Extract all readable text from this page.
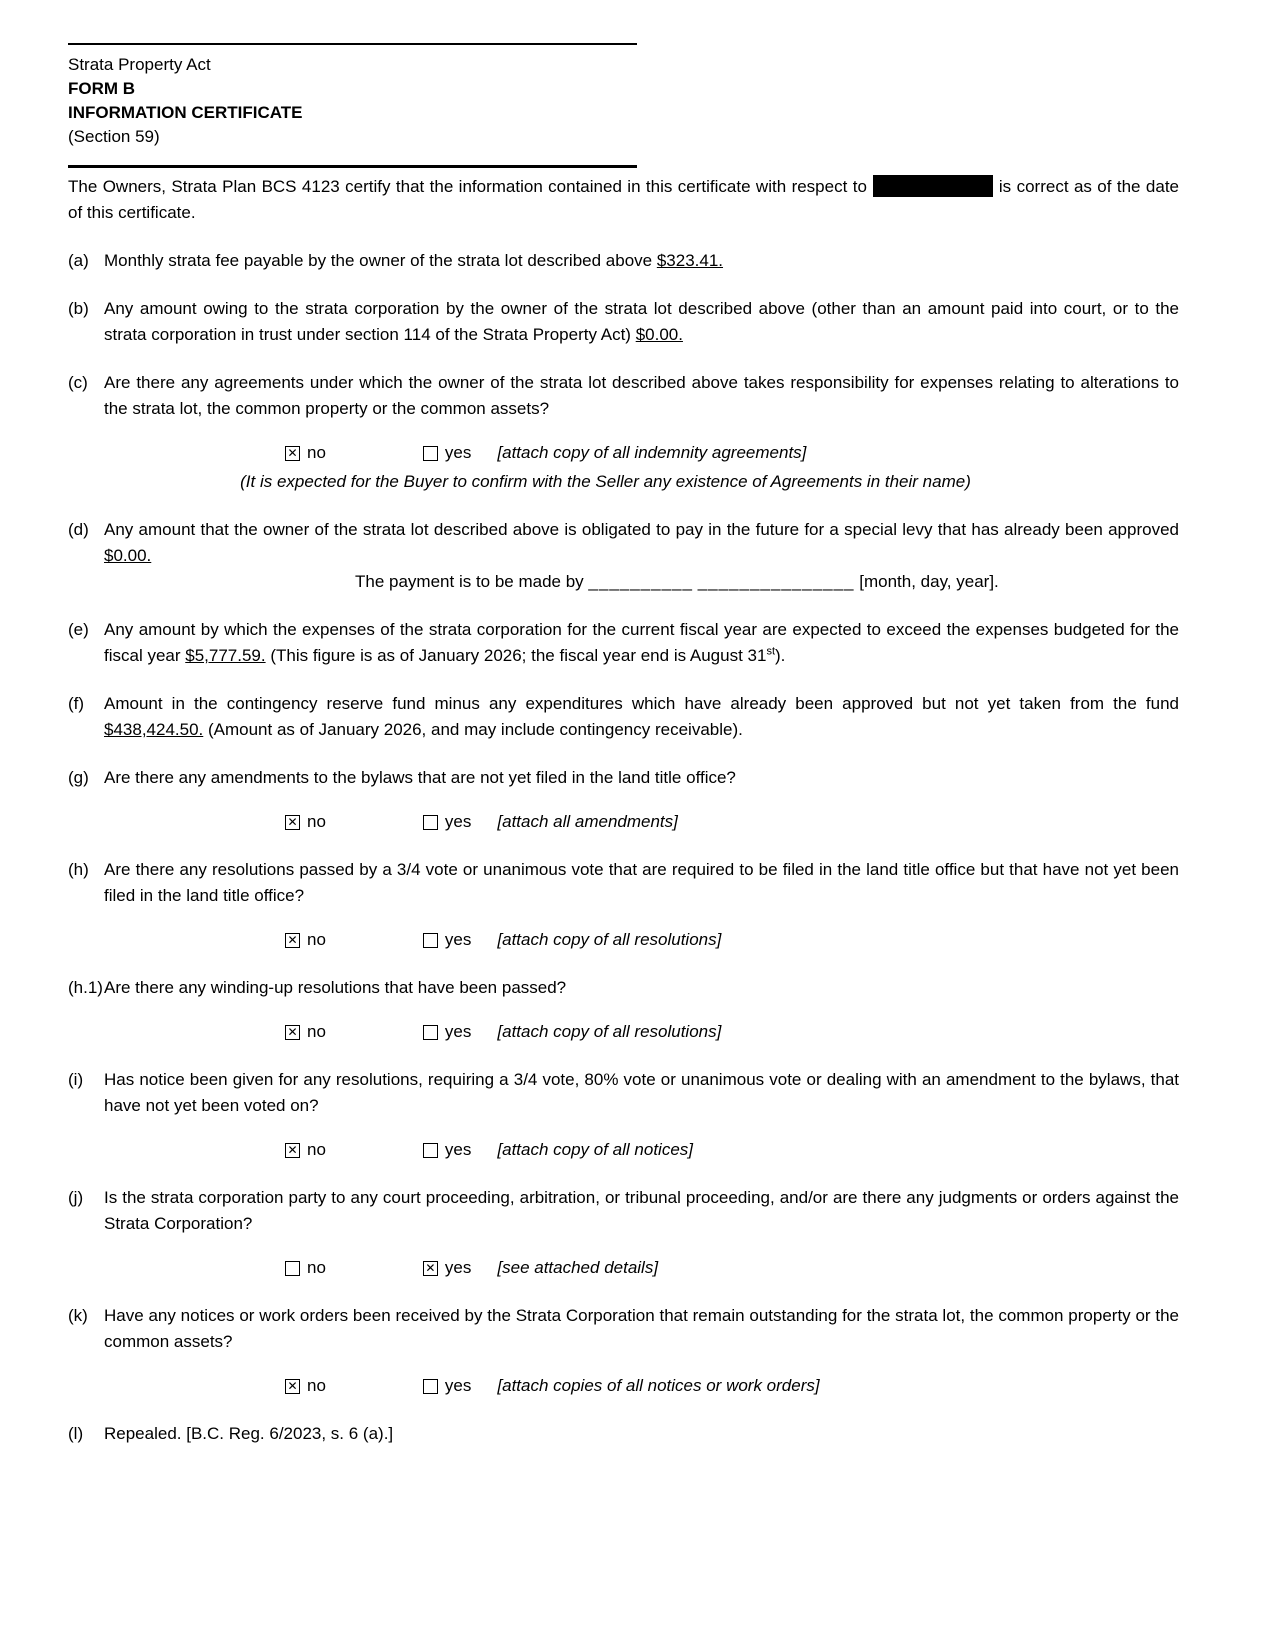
Strata Property Act
FORM B
INFORMATION CERTIFICATE
(Section 59)
The Owners, Strata Plan BCS 4123 certify that the information contained in this certificate with respect to	is correct as of the date of this certificate.
(a) Monthly strata fee payable by the owner of the strata lot described above $323.41.
(b) Any amount owing to the strata corporation by the owner of the strata lot described above (other than an amount paid into court, or to the strata corporation in trust under section 114 of the Strata Property Act) $0.00.
(c) Are there any agreements under which the owner of the strata lot described above takes responsibility for expenses relating to alterations to the strata lot, the common property or the common assets?
✕ no	yes [attach copy of all indemnity agreements]
(It is expected for the Buyer to confirm with the Seller any existence of Agreements in their name)
(d) Any amount that the owner of the strata lot described above is obligated to pay in the future for a special levy that has already been approved $0.00.
The payment is to be made by __________ _______________ [month, day, year].
(e) Any amount by which the expenses of the strata corporation for the current fiscal year are expected to exceed the expenses budgeted for the fiscal year $5,777.59. (This figure is as of January 2026; the fiscal year end is August 31st).
(f)	Amount in the contingency reserve fund minus any expenditures which have already been approved but not yet taken from the fund $438,424.50. (Amount as of January 2026, and may include contingency receivable).
(g) Are there any amendments to the bylaws that are not yet filed in the land title office?
✕ no	yes [attach all amendments]
(h) Are there any resolutions passed by a 3/4 vote or unanimous vote that are required to be filed in the land title office but that have not yet been filed in the land title office?
✕ no	yes [attach copy of all resolutions]
(h.1) Are there any winding-up resolutions that have been passed?
✕ no	yes [attach copy of all resolutions]
(i)	Has notice been given for any resolutions, requiring a 3/4 vote, 80% vote or unanimous vote or dealing with an amendment to the bylaws, that have not yet been voted on?
✕ no	yes [attach copy of all notices]
(j)	Is the strata corporation party to any court proceeding, arbitration, or tribunal proceeding, and/or are there any judgments or orders against the Strata Corporation?
no	✕ yes [see attached details]
(k) Have any notices or work orders been received by the Strata Corporation that remain outstanding for the strata lot, the common property or the common assets?
✕ no	yes [attach copies of all notices or work orders]
(l)	Repealed. [B.C. Reg. 6/2023, s. 6 (a).]
